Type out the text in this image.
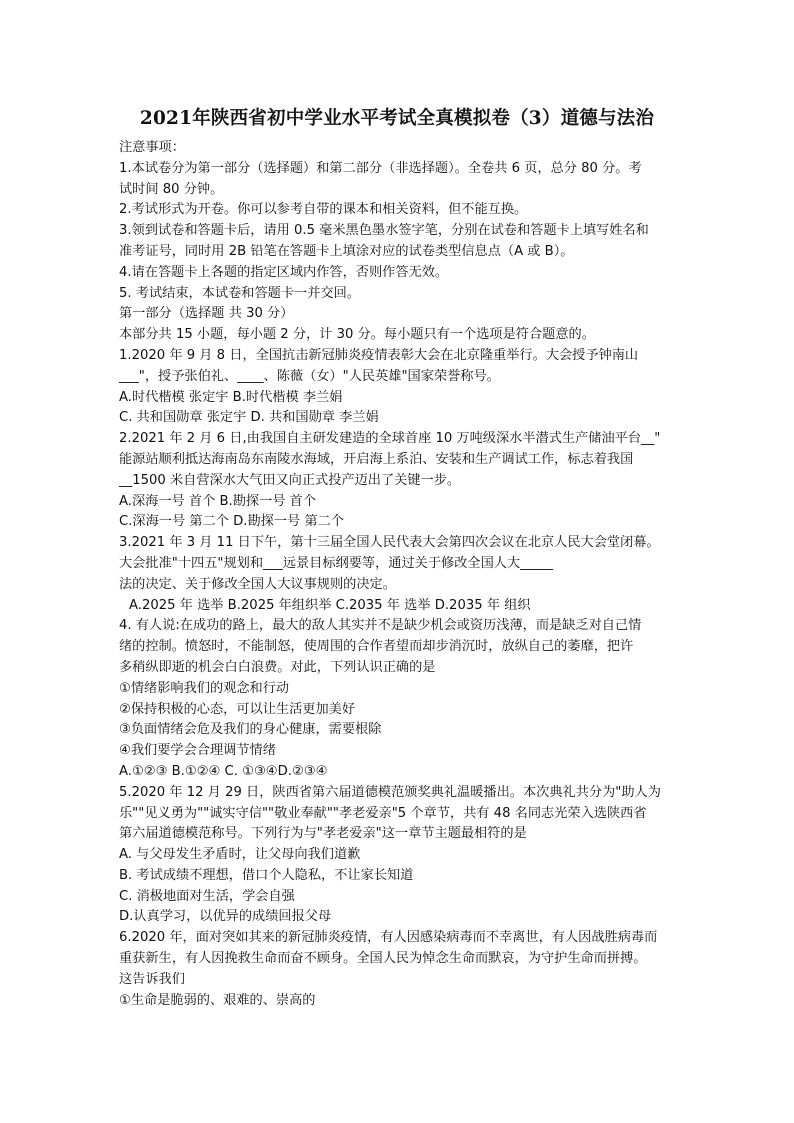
2021年陕西省初中学业水平考试全真模拟卷（3）道德与法治
注意事项：
1.本试卷分为第一部分（选择题）和第二部分（非选择题）。全卷共 6 页，总分 80 分。考
试时间 80 分钟。
2.考试形式为开卷。你可以参考自带的课本和相关资料，但不能互换。
3.领到试卷和答题卡后，请用 0.5 毫米黑色墨水签字笔，分别在试卷和答题卡上填写姓名和
准考证号，同时用 2B 铅笔在答题卡上填涂对应的试卷类型信息点（A 或 B）。
4.请在答题卡上各题的指定区域内作答，否则作答无效。
5. 考试结束，本试卷和答题卡一并交回。
第一部分（选择题 共 30 分）
本部分共 15 小题，每小题 2 分，计 30 分。每小题只有一个选项是符合题意的。
1.2020 年 9 月 8 日，全国抗击新冠肺炎疫情表彰大会在北京隆重举行。大会授予钟南山
___"，授予张伯礼、____、陈薇（女）"人民英雄"国家荣誉称号。
A.时代楷模 张定宇 B.时代楷模 李兰娟
C. 共和国勋章 张定宇 D. 共和国勋章 李兰娟
2.2021 年 2 月 6 日,由我国自主研发建造的全球首座 10 万吨级深水半潜式生产储油平台__"
能源站顺利抵达海南岛东南陵水海域，开启海上系泊、安装和生产调试工作，标志着我国
__1500 米自营深水大气田又向正式投产迈出了关键一步。
A.深海一号 首个 B.勘探一号 首个
C.深海一号 第二个 D.勘探一号 第二个
3.2021 年 3 月 11 日下午，第十三届全国人民代表大会第四次会议在北京人民大会堂闭幕。
大会批准"十四五"规划和___远景目标纲要等，通过关于修改全国人大_____
法的决定、关于修改全国人大议事规则的决定。
A.2025 年 选举 B.2025 年组织举 C.2035 年 选举 D.2035 年 组织
4. 有人说:在成功的路上，最大的敌人其实并不是缺少机会或资历浅薄，而是缺乏对自己情
绪的控制。愤怒时，不能制怒，使周围的合作者望而却步消沉时，放纵自己的萎靡，把许
多稍纵即逝的机会白白浪费。对此，下列认识正确的是
①情绪影响我们的观念和行动
②保持积极的心态，可以让生活更加美好
③负面情绪会危及我们的身心健康，需要根除
④我们要学会合理调节情绪
A.①②③ B.①②④ C. ①③④D.②③④
5.2020 年 12 月 29 日，陕西省第六届道德模范颁奖典礼温暖播出。本次典礼共分为"助人为
乐""见义勇为""诚实守信""敬业奉献""孝老爱亲"5 个章节，共有 48 名同志光荣入选陕西省
第六届道德模范称号。下列行为与"孝老爱亲"这一章节主题最相符的是
A. 与父母发生矛盾时，让父母向我们道歉
B. 考试成绩不理想，借口个人隐私，不让家长知道
C. 消极地面对生活，学会自强
D.认真学习，以优异的成绩回报父母
6.2020 年，面对突如其来的新冠肺炎疫情，有人因感染病毒而不幸离世，有人因战胜病毒而
重获新生，有人因挽救生命而奋不顾身。全国人民为悼念生命而默哀，为守护生命而拼搏。
这告诉我们
①生命是脆弱的、艰难的、崇高的
